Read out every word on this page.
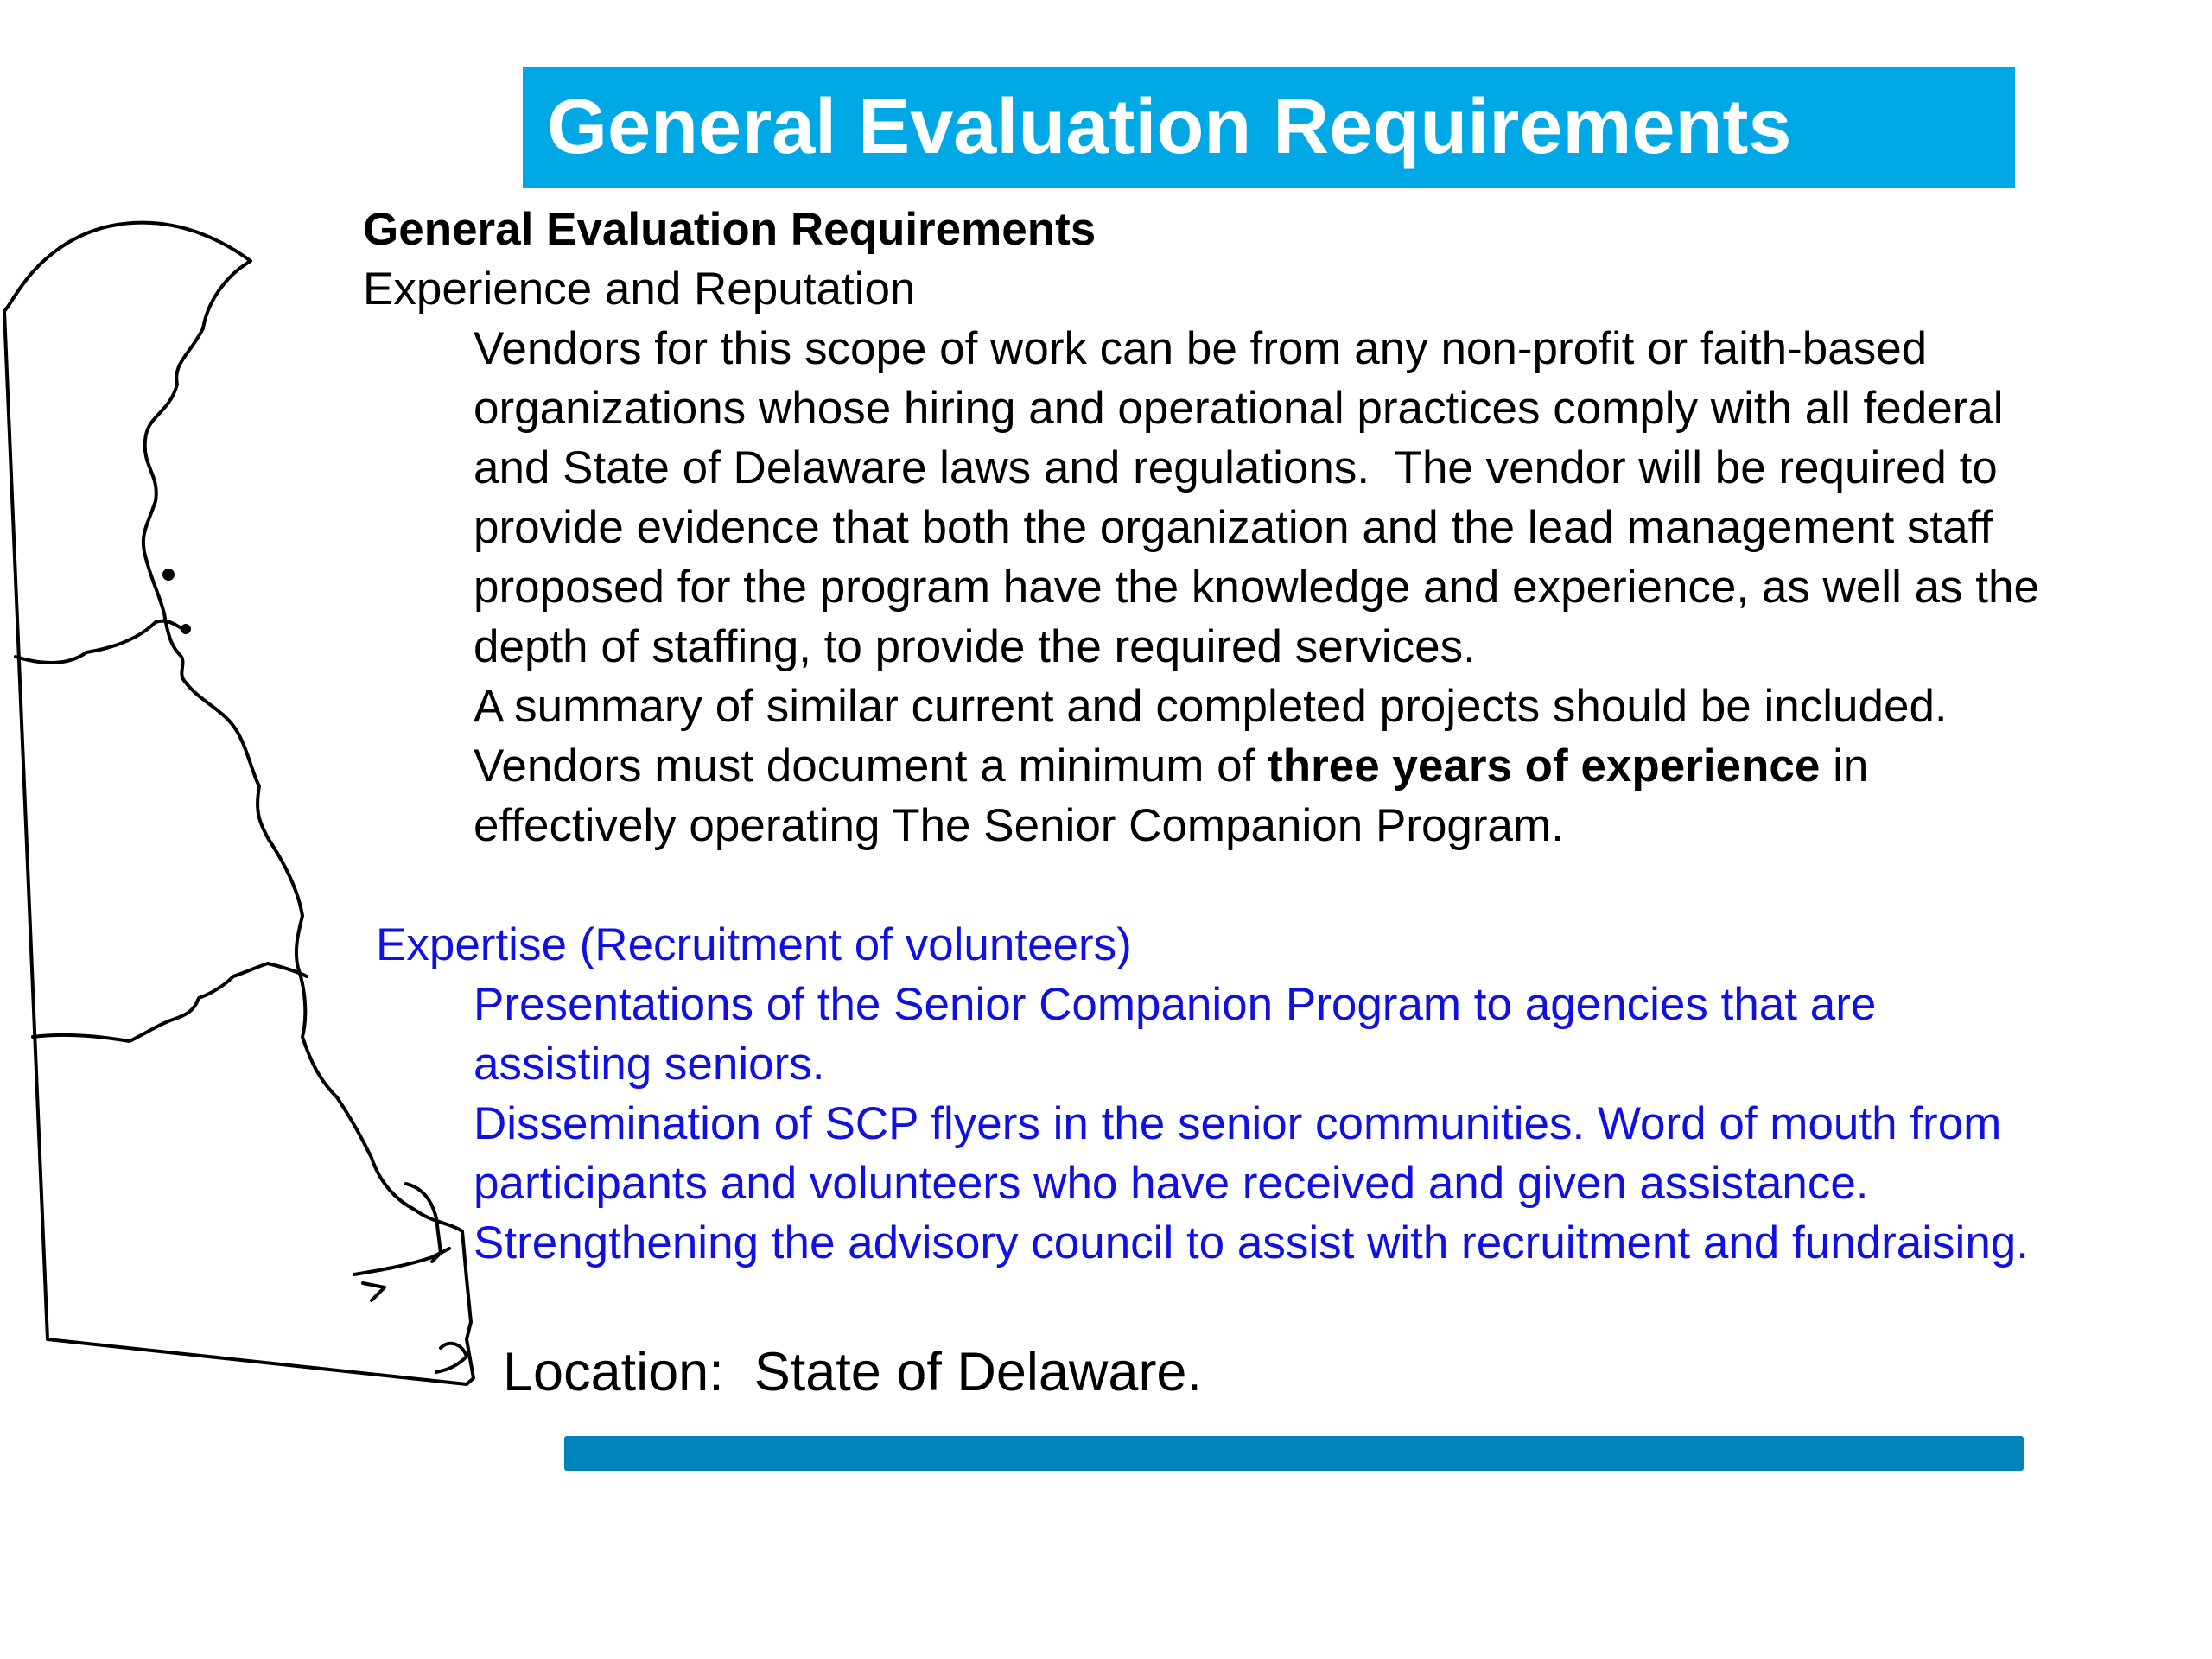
General Evaluation Requirements
General Evaluation Requirements
Experience and Reputation
Vendors for this scope of work can be from any non-profit or faith-based
organizations whose hiring and operational practices comply with all federal
and State of Delaware laws and regulations.  The vendor will be required to
provide evidence that both the organization and the lead management staff
proposed for the program have the knowledge and experience, as well as the
depth of staffing, to provide the required services.
A summary of similar current and completed projects should be included.
Vendors must document a minimum of three years of experience in
effectively operating The Senior Companion Program.
Expertise (Recruitment of volunteers)
Presentations of the Senior Companion Program to agencies that are
assisting seniors.
Dissemination of SCP flyers in the senior communities. Word of mouth from
participants and volunteers who have received and given assistance.
Strengthening the advisory council to assist with recruitment and fundraising.
Location:  State of Delaware.
